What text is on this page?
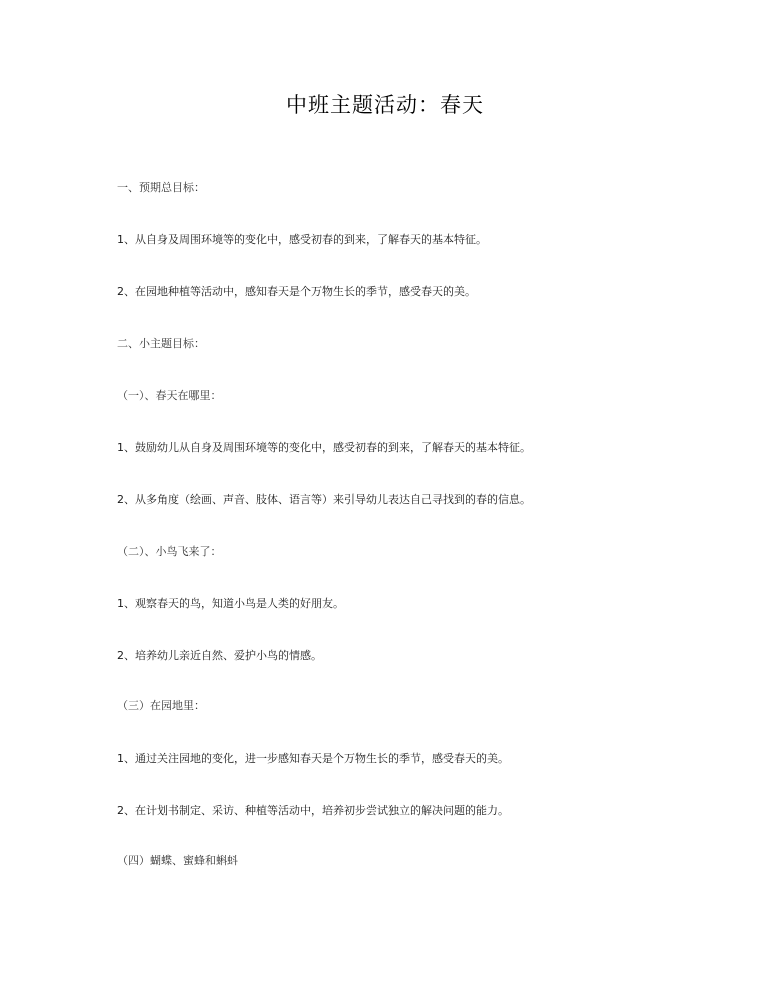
中班主题活动：春天
一、预期总目标：
1、从自身及周围环境等的变化中，感受初春的到来，了解春天的基本特征。
2、在园地种植等活动中，感知春天是个万物生长的季节，感受春天的美。
二、小主题目标：
（一）、春天在哪里：
1、鼓励幼儿从自身及周围环境等的变化中，感受初春的到来，了解春天的基本特征。
2、从多角度（绘画、声音、肢体、语言等）来引导幼儿表达自己寻找到的春的信息。
（二）、小鸟飞来了：
1、观察春天的鸟，知道小鸟是人类的好朋友。
2、培养幼儿亲近自然、爱护小鸟的情感。
（三）在园地里：
1、通过关注园地的变化，进一步感知春天是个万物生长的季节，感受春天的美。
2、在计划书制定、采访、种植等活动中，培养初步尝试独立的解决问题的能力。
（四）蝴蝶、蜜蜂和蝌蚪
